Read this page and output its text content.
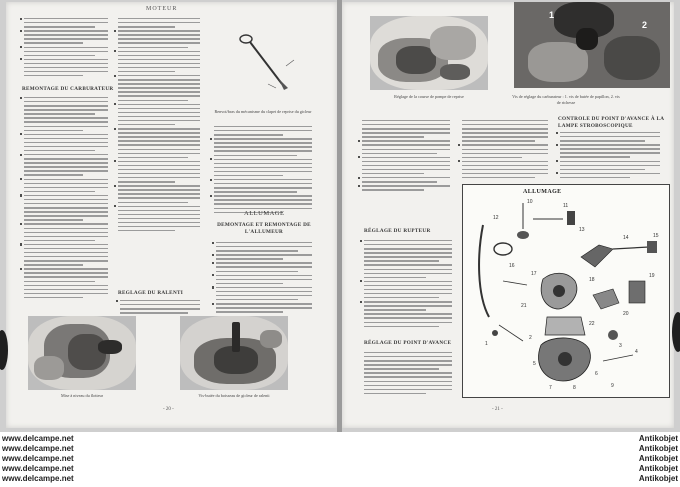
MOTEUR
REMONTAGE DU CARBURATEUR
REGLAGE DU RALENTI
Renvoi/bras du mécanisme du clapet de reprise du gicleur
ALLUMAGE
DEMONTAGE ET REMONTAGE DE L'ALLUMEUR
Mise à niveau du flotteur	Vis-butée du boisseau de gicleur de ralenti
- 20 -
Réglage de la course de pompe de reprise
1
2
Vis de réglage du carburateur : 1. vis de butée de papillon, 2. vis de richesse
RÉGLAGE DU RUPTEUR
RÉGLAGE DU POINT D'AVANCE
CONTROLE DU POINT D'AVANCE À LA LAMPE STROBOSCOPIQUE
ALLUMAGE
10
11
12
13
14	15
16
17
18
19
20
21
22
1
2
3
4
5
6
7	8	9
- 21 -
www.delcampe.net
www.delcampe.net
www.delcampe.net
www.delcampe.net
www.delcampe.net
Antikobjet
Antikobjet
Antikobjet
Antikobjet
Antikobjet
